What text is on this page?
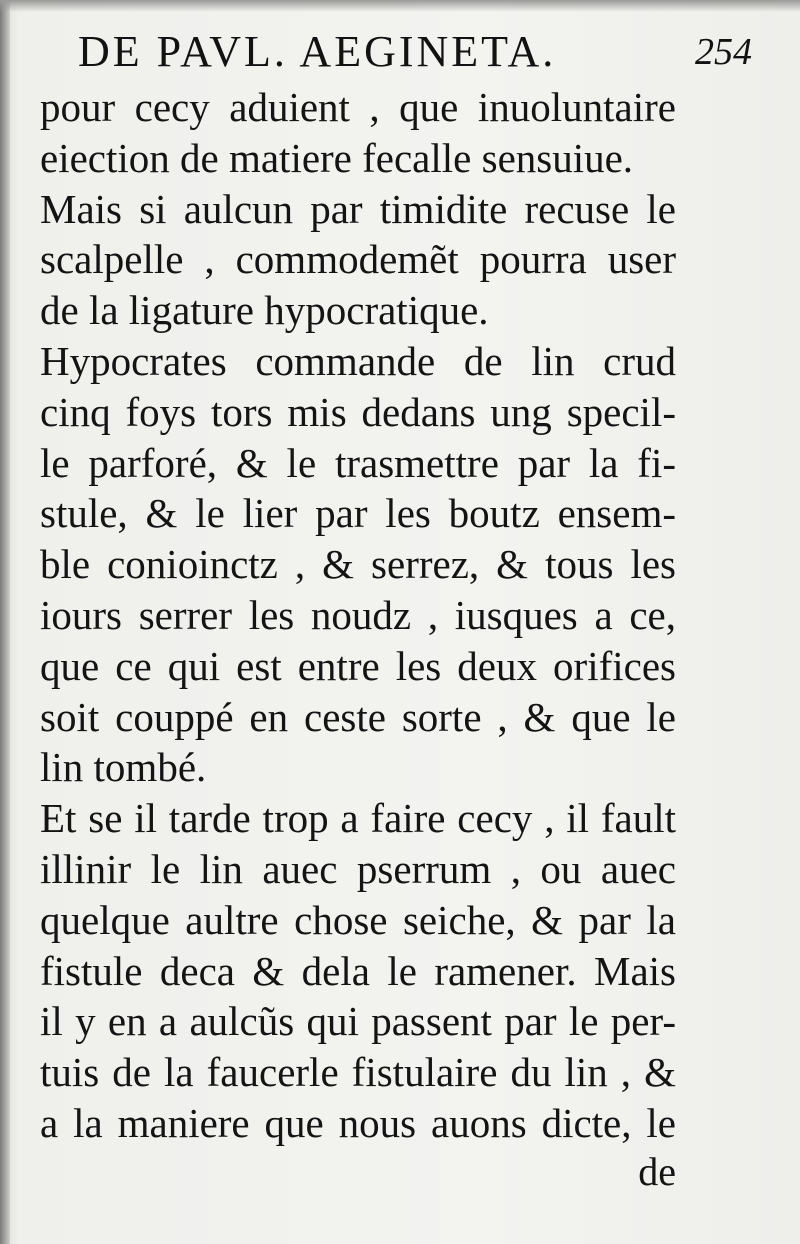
DE PAVL. AEGINETA.	254
pour cecy aduient , que inuoluntaire
eiection de matiere fecalle sensuiue.
Mais si aulcun par timidite recuse le
scalpelle , commodemẽt pourra user
de la ligature hypocratique.
Hypocrates commande de lin crud
cinq foys tors mis dedans ung specil-
le parforé, & le trasmettre par la fi-
stule, & le lier par les boutz ensem-
ble conioinctz , & serrez, & tous les
iours serrer les noudz , iusques a ce,
que ce qui est entre les deux orifices
soit couppé en ceste sorte , & que le
lin tombé.
Et se il tarde trop a faire cecy , il fault
illinir le lin auec pserrum , ou auec
quelque aultre chose seiche, & par la
fistule deca & dela le ramener. Mais
il y en a aulcũs qui passent par le per-
tuis de la faucerle fistulaire du lin , &
a la maniere que nous auons dicte, le
de
